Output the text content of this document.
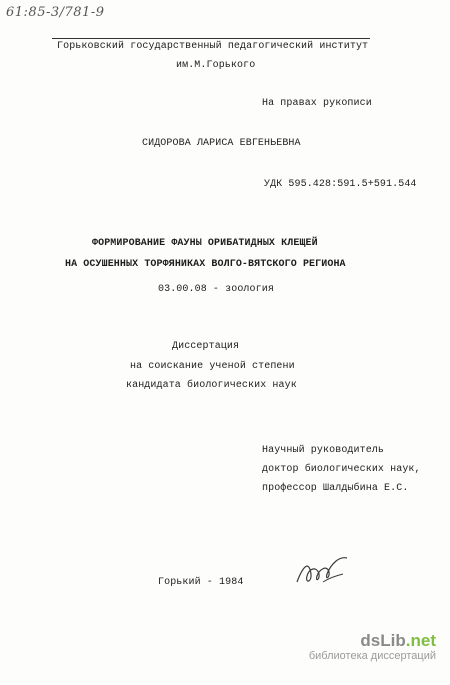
61:85-3/781-9
Горьковский государственный педагогический институт
им.М.Горького
На правах рукописи
СИДОРОВА ЛАРИСА ЕВГЕНЬЕВНА
УДК 595.428:591.5+591.544
ФОРМИРОВАНИЕ ФАУНЫ ОРИБАТИДНЫХ КЛЕЩЕЙ
НА ОСУШЕННЫХ ТОРФЯНИКАХ ВОЛГО-ВЯТСКОГО РЕГИОНА
03.00.08 - зоология
Диссертация
на соискание ученой степени
кандидата биологических наук
Научный руководитель
доктор биологических наук,
профессор Шалдыбина Е.С.
Горький - 1984
dsLib.net
библиотека диссертаций
